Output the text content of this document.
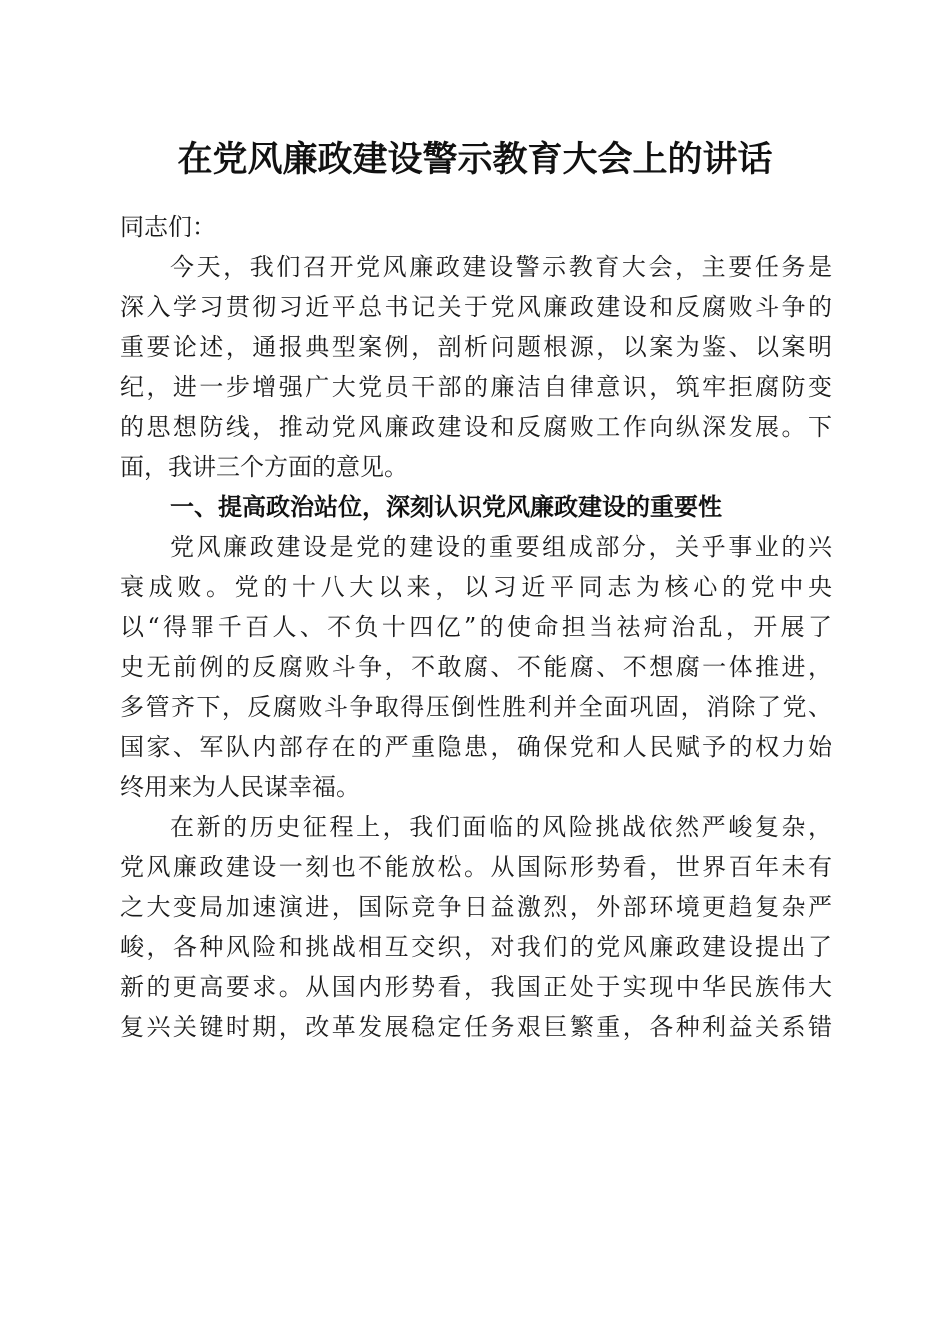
在党风廉政建设警示教育大会上的讲话
同志们：
今天，我们召开党风廉政建设警示教育大会，主要任务是
深入学习贯彻习近平总书记关于党风廉政建设和反腐败斗争的
重要论述，通报典型案例，剖析问题根源，以案为鉴、以案明
纪，进一步增强广大党员干部的廉洁自律意识，筑牢拒腐防变
的思想防线，推动党风廉政建设和反腐败工作向纵深发展。下
面，我讲三个方面的意见。
一、提高政治站位，深刻认识党风廉政建设的重要性
党风廉政建设是党的建设的重要组成部分，关乎事业的兴
衰成败。党的十八大以来，以习近平同志为核心的党中央
以“得罪千百人、不负十四亿”的使命担当祛疴治乱，开展了
史无前例的反腐败斗争，不敢腐、不能腐、不想腐一体推进，
多管齐下，反腐败斗争取得压倒性胜利并全面巩固，消除了党、
国家、军队内部存在的严重隐患，确保党和人民赋予的权力始
终用来为人民谋幸福。
在新的历史征程上，我们面临的风险挑战依然严峻复杂，
党风廉政建设一刻也不能放松。从国际形势看，世界百年未有
之大变局加速演进，国际竞争日益激烈，外部环境更趋复杂严
峻，各种风险和挑战相互交织，对我们的党风廉政建设提出了
新的更高要求。从国内形势看，我国正处于实现中华民族伟大
复兴关键时期，改革发展稳定任务艰巨繁重，各种利益关系错
